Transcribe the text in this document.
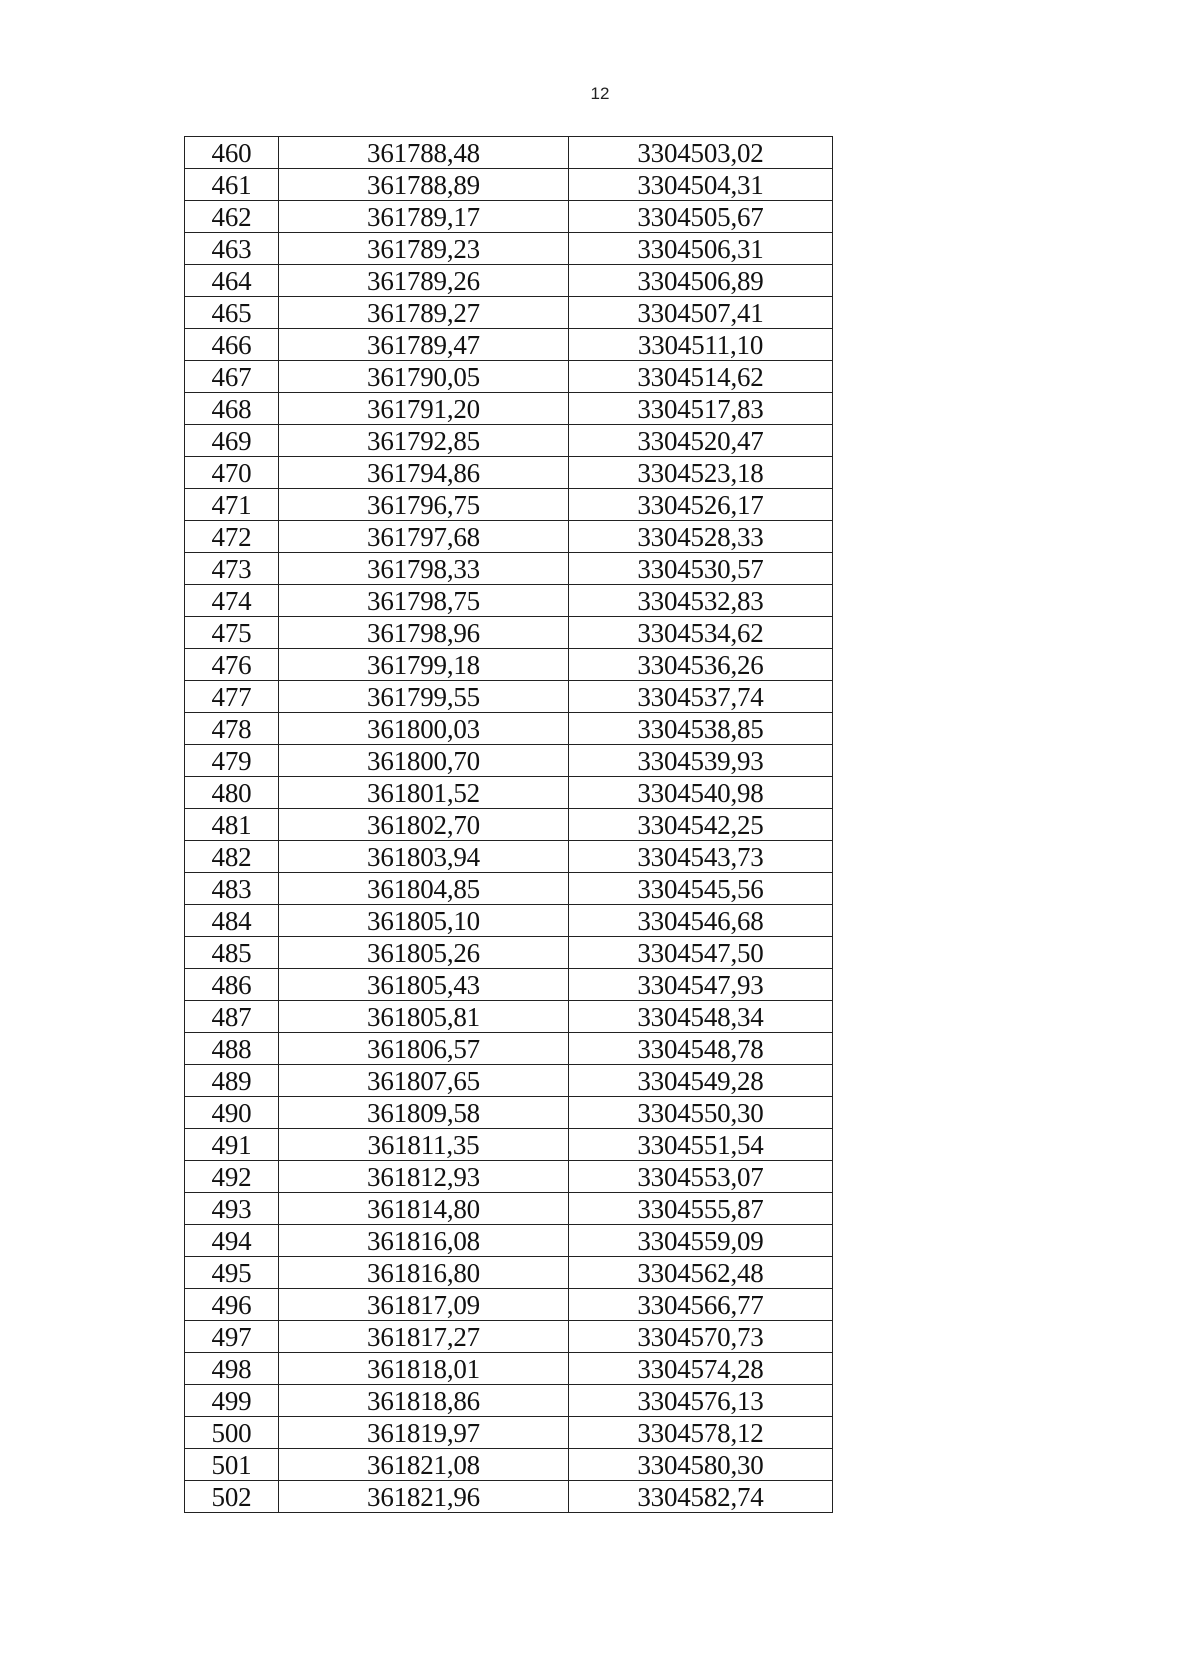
12
460	361788,48	3304503,02
461	361788,89	3304504,31
462	361789,17	3304505,67
463	361789,23	3304506,31
464	361789,26	3304506,89
465	361789,27	3304507,41
466	361789,47	3304511,10
467	361790,05	3304514,62
468	361791,20	3304517,83
469	361792,85	3304520,47
470	361794,86	3304523,18
471	361796,75	3304526,17
472	361797,68	3304528,33
473	361798,33	3304530,57
474	361798,75	3304532,83
475	361798,96	3304534,62
476	361799,18	3304536,26
477	361799,55	3304537,74
478	361800,03	3304538,85
479	361800,70	3304539,93
480	361801,52	3304540,98
481	361802,70	3304542,25
482	361803,94	3304543,73
483	361804,85	3304545,56
484	361805,10	3304546,68
485	361805,26	3304547,50
486	361805,43	3304547,93
487	361805,81	3304548,34
488	361806,57	3304548,78
489	361807,65	3304549,28
490	361809,58	3304550,30
491	361811,35	3304551,54
492	361812,93	3304553,07
493	361814,80	3304555,87
494	361816,08	3304559,09
495	361816,80	3304562,48
496	361817,09	3304566,77
497	361817,27	3304570,73
498	361818,01	3304574,28
499	361818,86	3304576,13
500	361819,97	3304578,12
501	361821,08	3304580,30
502	361821,96	3304582,74
